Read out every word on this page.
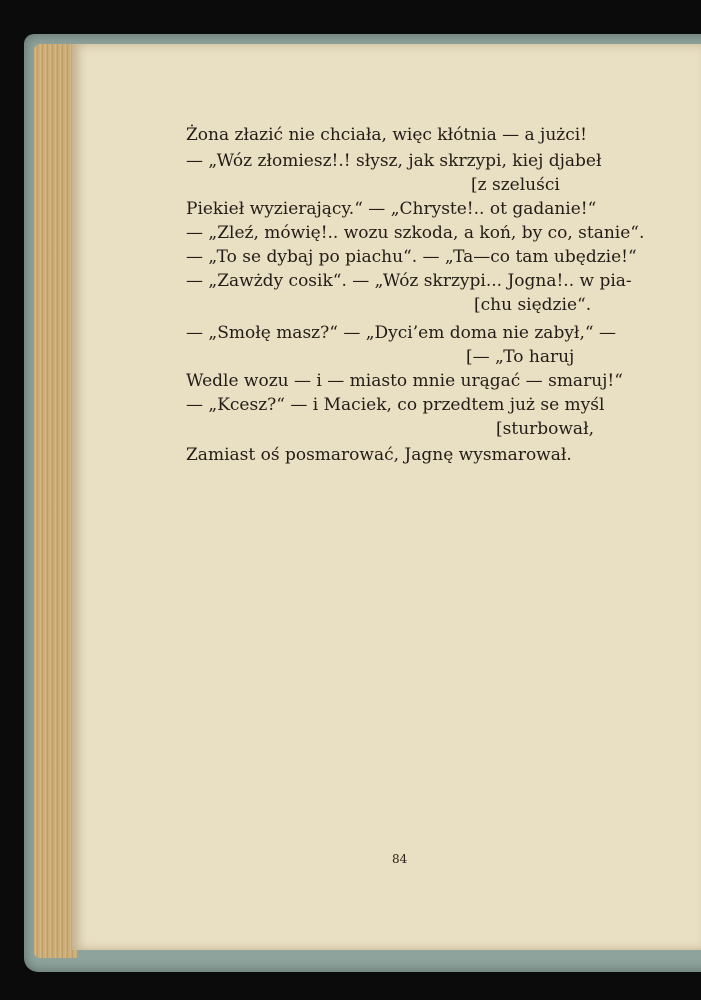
Żona złazić nie chciała, więc kłótnia — a jużci!
— „Wóz złomiesz!.! słysz, jak skrzypi, kiej djabeł
[z szeluści
Piekieł wyzierający.“ — „Chryste!.. ot gadanie!“
— „Zleź, mówię!.. wozu szkoda, a koń, by co, stanie“.
— „To se dybaj po piachu“. — „Ta—co tam ubędzie!“
— „Zawżdy cosik“. — „Wóz skrzypi... Jogna!.. w pia-
[chu siędzie“.
— „Smołę masz?“ — „Dyci’em doma nie zabył,“ —
[— „To haruj
Wedle wozu — i — miasto mnie urągać — smaruj!“
— „Kcesz?“ — i Maciek, co przedtem już se myśl
[sturbował,
Zamiast oś posmarować, Jagnę wysmarował.
84
